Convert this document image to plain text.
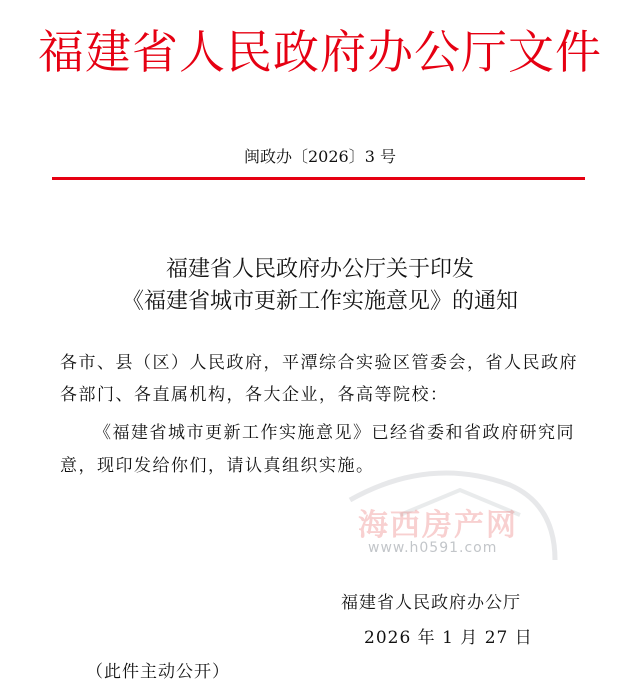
福建省人民政府办公厅文件
闽政办〔2026〕3 号
福建省人民政府办公厅关于印发
《福建省城市更新工作实施意见》的通知
各市、县（区）人民政府，平潭综合实验区管委会，省人民政府
各部门、各直属机构，各大企业，各高等院校：
《福建省城市更新工作实施意见》已经省委和省政府研究同
意，现印发给你们，请认真组织实施。
海西房产网
www.h0591.com
福建省人民政府办公厅
2026 年 1 月 27 日
（此件主动公开）
